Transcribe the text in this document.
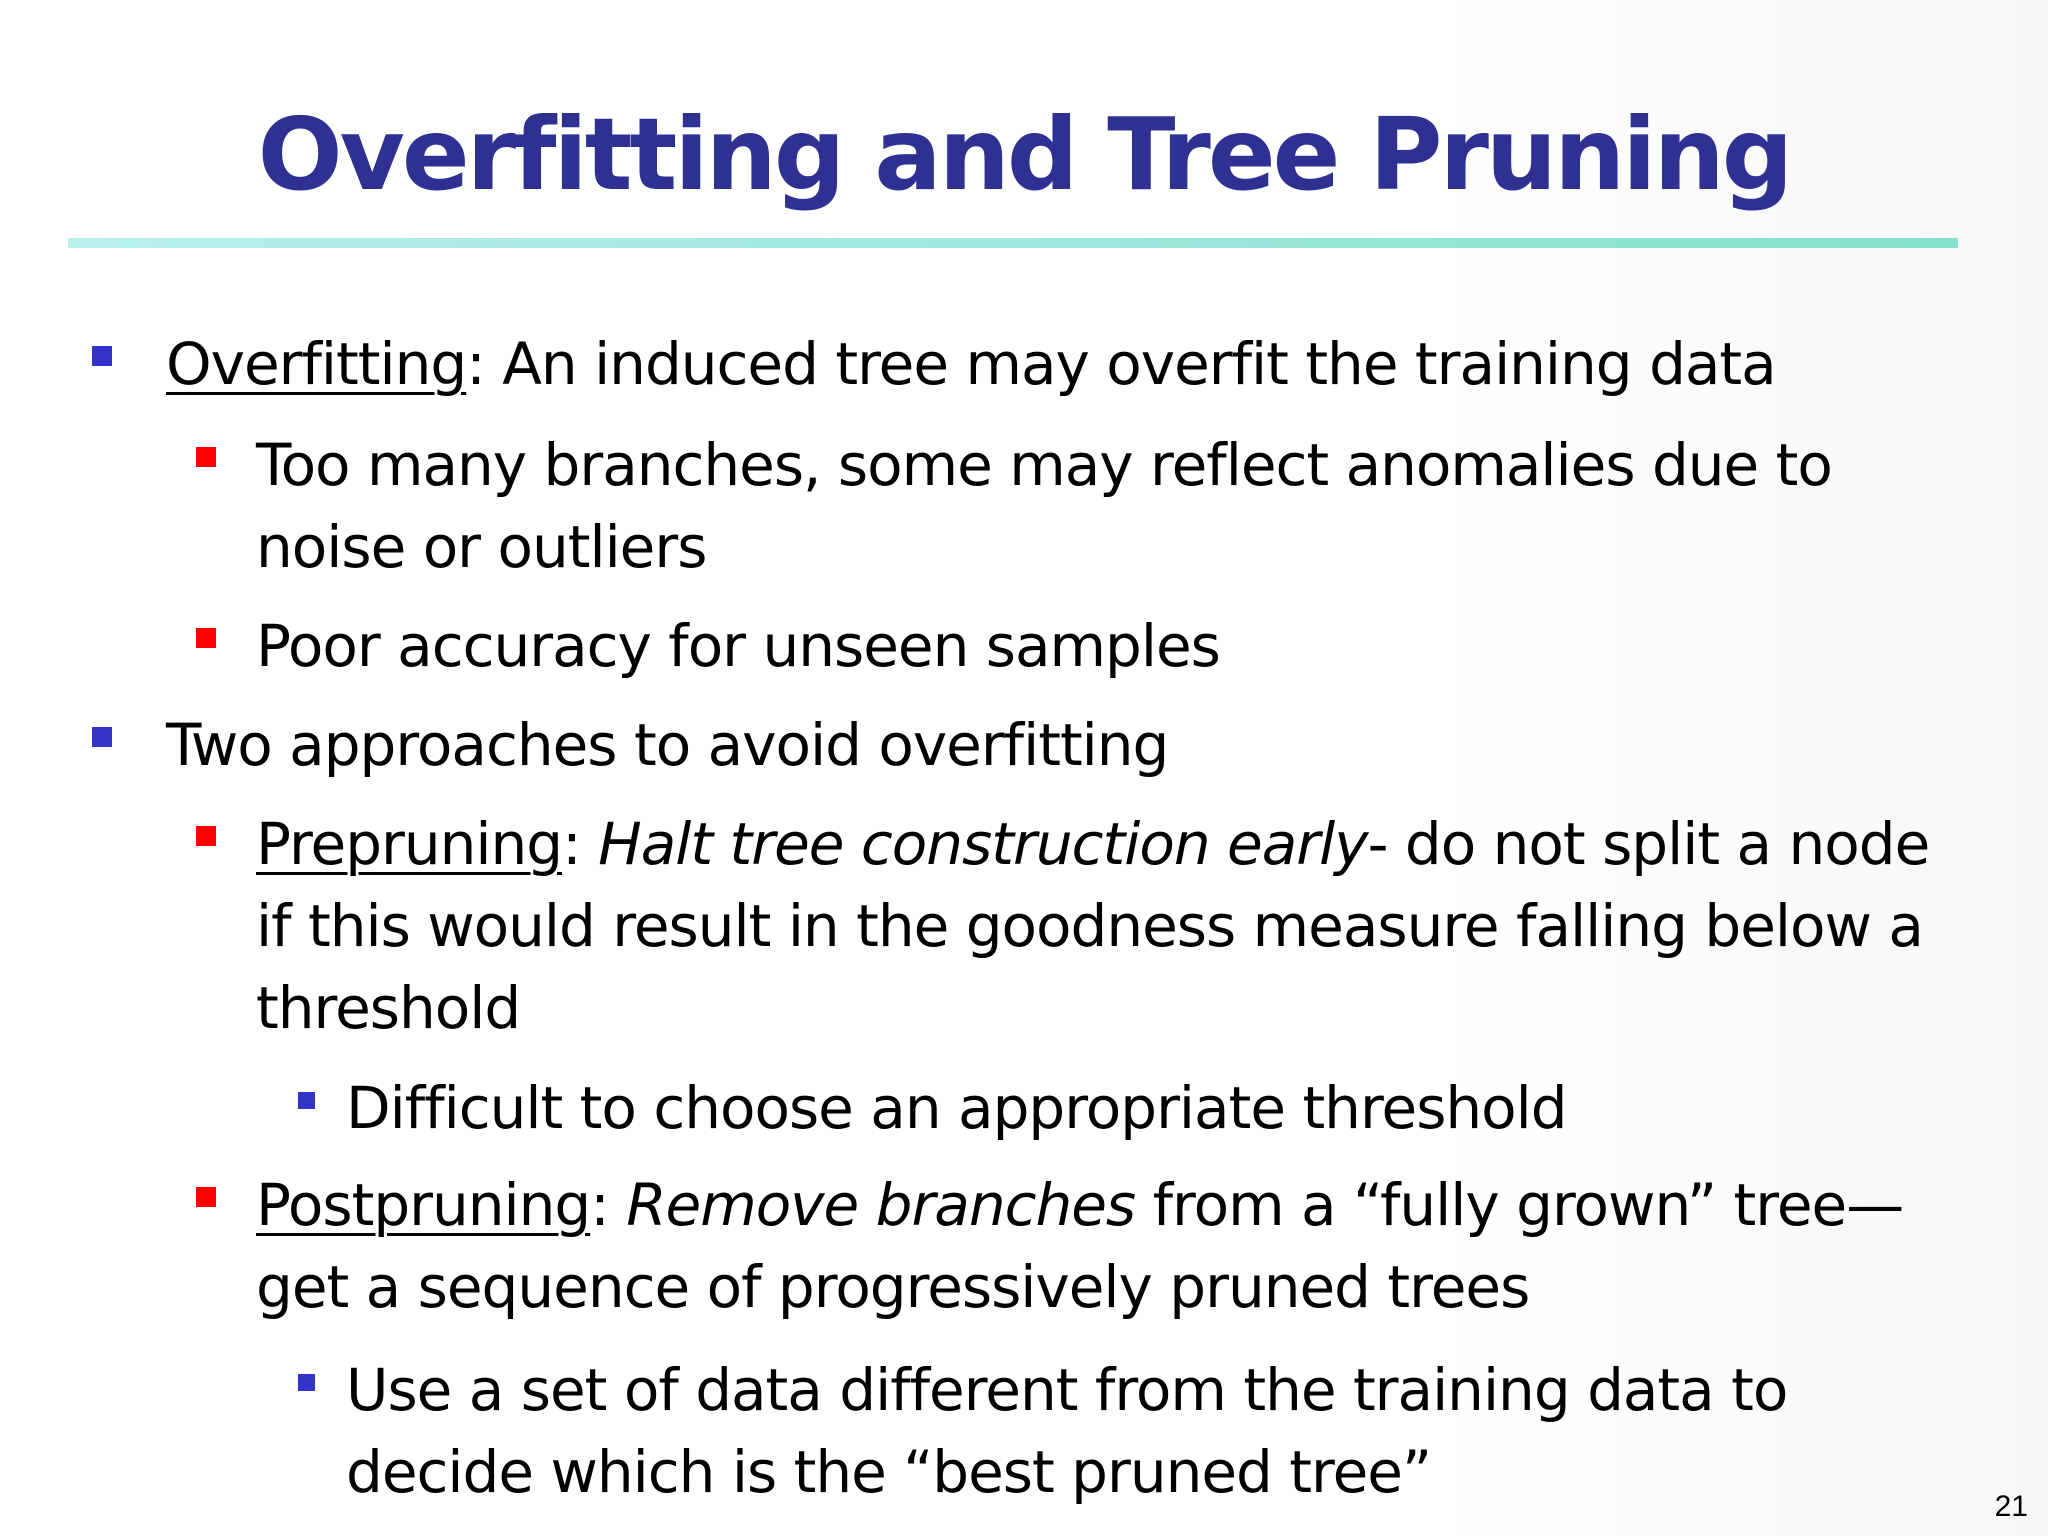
Overfitting and Tree Pruning
Overfitting: An induced tree may overfit the training data
Too many branches, some may reflect anomalies due to
noise or outliers
Poor accuracy for unseen samples
Two approaches to avoid overfitting
Prepruning: Halt tree construction early- do not split a node
if this would result in the goodness measure falling below a
threshold
Difficult to choose an appropriate threshold
Postpruning: Remove branches from a “fully grown” tree—
get a sequence of progressively pruned trees
Use a set of data different from the training data to
decide which is the “best pruned tree”
21
